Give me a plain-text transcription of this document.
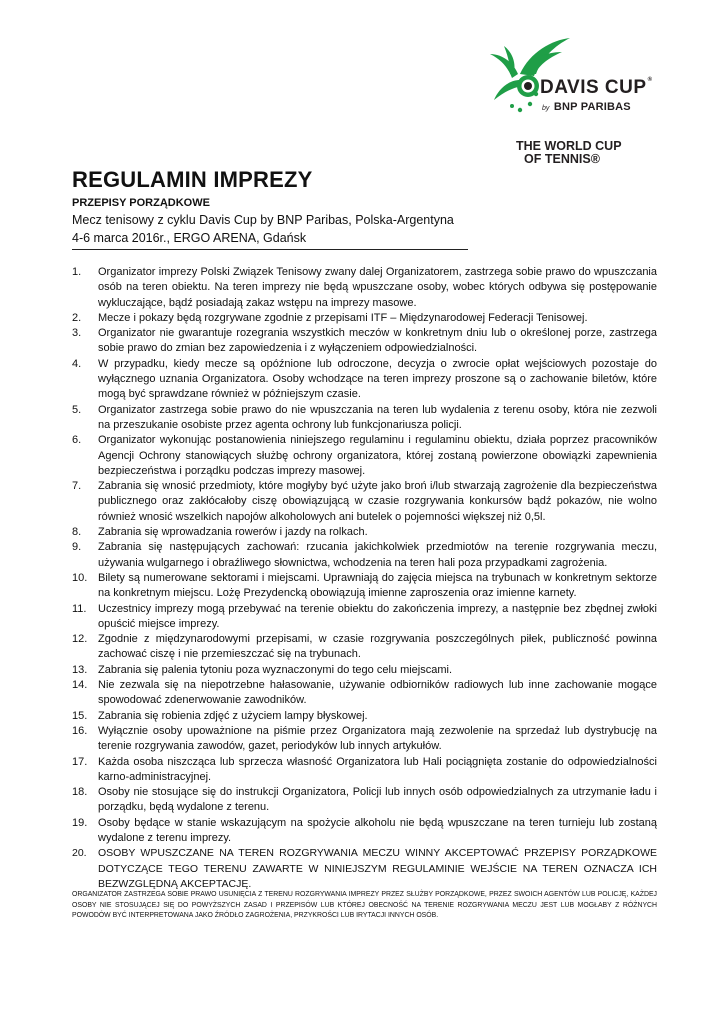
DAVIS CUP®
by BNP PARIBAS
THE WORLD CUP
OF TENNIS®
REGULAMIN IMPREZY
PRZEPISY PORZĄDKOWE
Mecz tenisowy z cyklu Davis Cup by BNP Paribas, Polska-Argentyna
4-6 marca 2016r., ERGO ARENA, Gdańsk
1. Organizator imprezy Polski Związek Tenisowy zwany dalej Organizatorem, zastrzega sobie prawo do wpuszczania osób na teren obiektu. Na teren imprezy nie będą wpuszczane osoby, wobec których odbywa się postępowanie wykluczające, bądź posiadają zakaz wstępu na imprezy masowe.
2. Mecze i pokazy będą rozgrywane zgodnie z przepisami ITF – Międzynarodowej Federacji Tenisowej.
3. Organizator nie gwarantuje rozegrania wszystkich meczów w konkretnym dniu lub o określonej porze, zastrzega sobie prawo do zmian bez zapowiedzenia i z wyłączeniem odpowiedzialności.
4. W przypadku, kiedy mecze są opóźnione lub odroczone, decyzja o zwrocie opłat wejściowych pozostaje do wyłącznego uznania Organizatora. Osoby wchodzące na teren imprezy proszone są o zachowanie biletów, które mogą być sprawdzane również w późniejszym czasie.
5. Organizator zastrzega sobie prawo do nie wpuszczania na teren lub wydalenia z terenu osoby, która nie zezwoli na przeszukanie osobiste przez agenta ochrony lub funkcjonariusza policji.
6. Organizator wykonując postanowienia niniejszego regulaminu i regulaminu obiektu, działa poprzez pracowników Agencji Ochrony stanowiących służbę ochrony organizatora, której zostaną powierzone obowiązki zapewnienia bezpieczeństwa i porządku podczas imprezy masowej.
7. Zabrania się wnosić przedmioty, które mogłyby być użyte jako broń i/lub stwarzają zagrożenie dla bezpieczeństwa publicznego oraz zakłócałoby ciszę obowiązującą w czasie rozgrywania konkursów bądź pokazów, nie wolno również wnosić wszelkich napojów alkoholowych ani butelek o pojemności większej niż 0,5l.
8. Zabrania się wprowadzania rowerów i jazdy na rolkach.
9. Zabrania się następujących zachowań: rzucania jakichkolwiek przedmiotów na terenie rozgrywania meczu, używania wulgarnego i obraźliwego słownictwa, wchodzenia na teren hali poza przypadkami zagrożenia.
10. Bilety są numerowane sektorami i miejscami. Uprawniają do zajęcia miejsca na trybunach w konkretnym sektorze na konkretnym miejscu. Lożę Prezydencką obowiązują imienne zaproszenia oraz imienne karnety.
11. Uczestnicy imprezy mogą przebywać na terenie obiektu do zakończenia imprezy, a następnie bez zbędnej zwłoki opuścić miejsce imprezy.
12. Zgodnie z międzynarodowymi przepisami, w czasie rozgrywania poszczególnych piłek, publiczność powinna zachować ciszę i nie przemieszczać się na trybunach.
13. Zabrania się palenia tytoniu poza wyznaczonymi do tego celu miejscami.
14. Nie zezwala się na niepotrzebne hałasowanie, używanie odbiorników radiowych lub inne zachowanie mogące spowodować zdenerwowanie zawodników.
15. Zabrania się robienia zdjęć z użyciem lampy błyskowej.
16. Wyłącznie osoby upoważnione na piśmie przez Organizatora mają zezwolenie na sprzedaż lub dystrybucję na terenie rozgrywania zawodów, gazet, periodyków lub innych artykułów.
17. Każda osoba niszcząca lub sprzecza własność Organizatora lub Hali pociągnięta zostanie do odpowiedzialności karno-administracyjnej.
18. Osoby nie stosujące się do instrukcji Organizatora, Policji lub innych osób odpowiedzialnych za utrzymanie ładu i porządku, będą wydalone z terenu.
19. Osoby będące w stanie wskazującym na spożycie alkoholu nie będą wpuszczane na teren turnieju lub zostaną wydalone z terenu imprezy.
20. OSOBY WPUSZCZANE NA TEREN ROZGRYWANIA MECZU WINNY AKCEPTOWAĆ PRZEPISY PORZĄDKOWE DOTYCZĄCE TEGO TERENU ZAWARTE W NINIEJSZYM REGULAMINIE WEJŚCIE NA TEREN OZNACZA ICH BEZWZGLĘDNĄ AKCEPTACJĘ.
ORGANIZATOR ZASTRZEGA SOBIE PRAWO USUNIĘCIA Z TERENU ROZGRYWANIA IMPREZY PRZEZ SŁUŻBY PORZĄDKOWE, PRZEZ SWOICH AGENTÓW LUB POLICJĘ, KAŻDEJ OSOBY NIE STOSUJĄCEJ SIĘ DO POWYŻSZYCH ZASAD I PRZEPISÓW LUB KTÓREJ OBECNOŚĆ NA TERENIE ROZGRYWANIA MECZU JEST LUB MOGŁABY Z RÓŻNYCH POWODÓW BYĆ INTERPRETOWANA JAKO ŹRÓDŁO ZAGROŻENIA, PRZYKROŚCI LUB IRYTACJI INNYCH OSÓB.
